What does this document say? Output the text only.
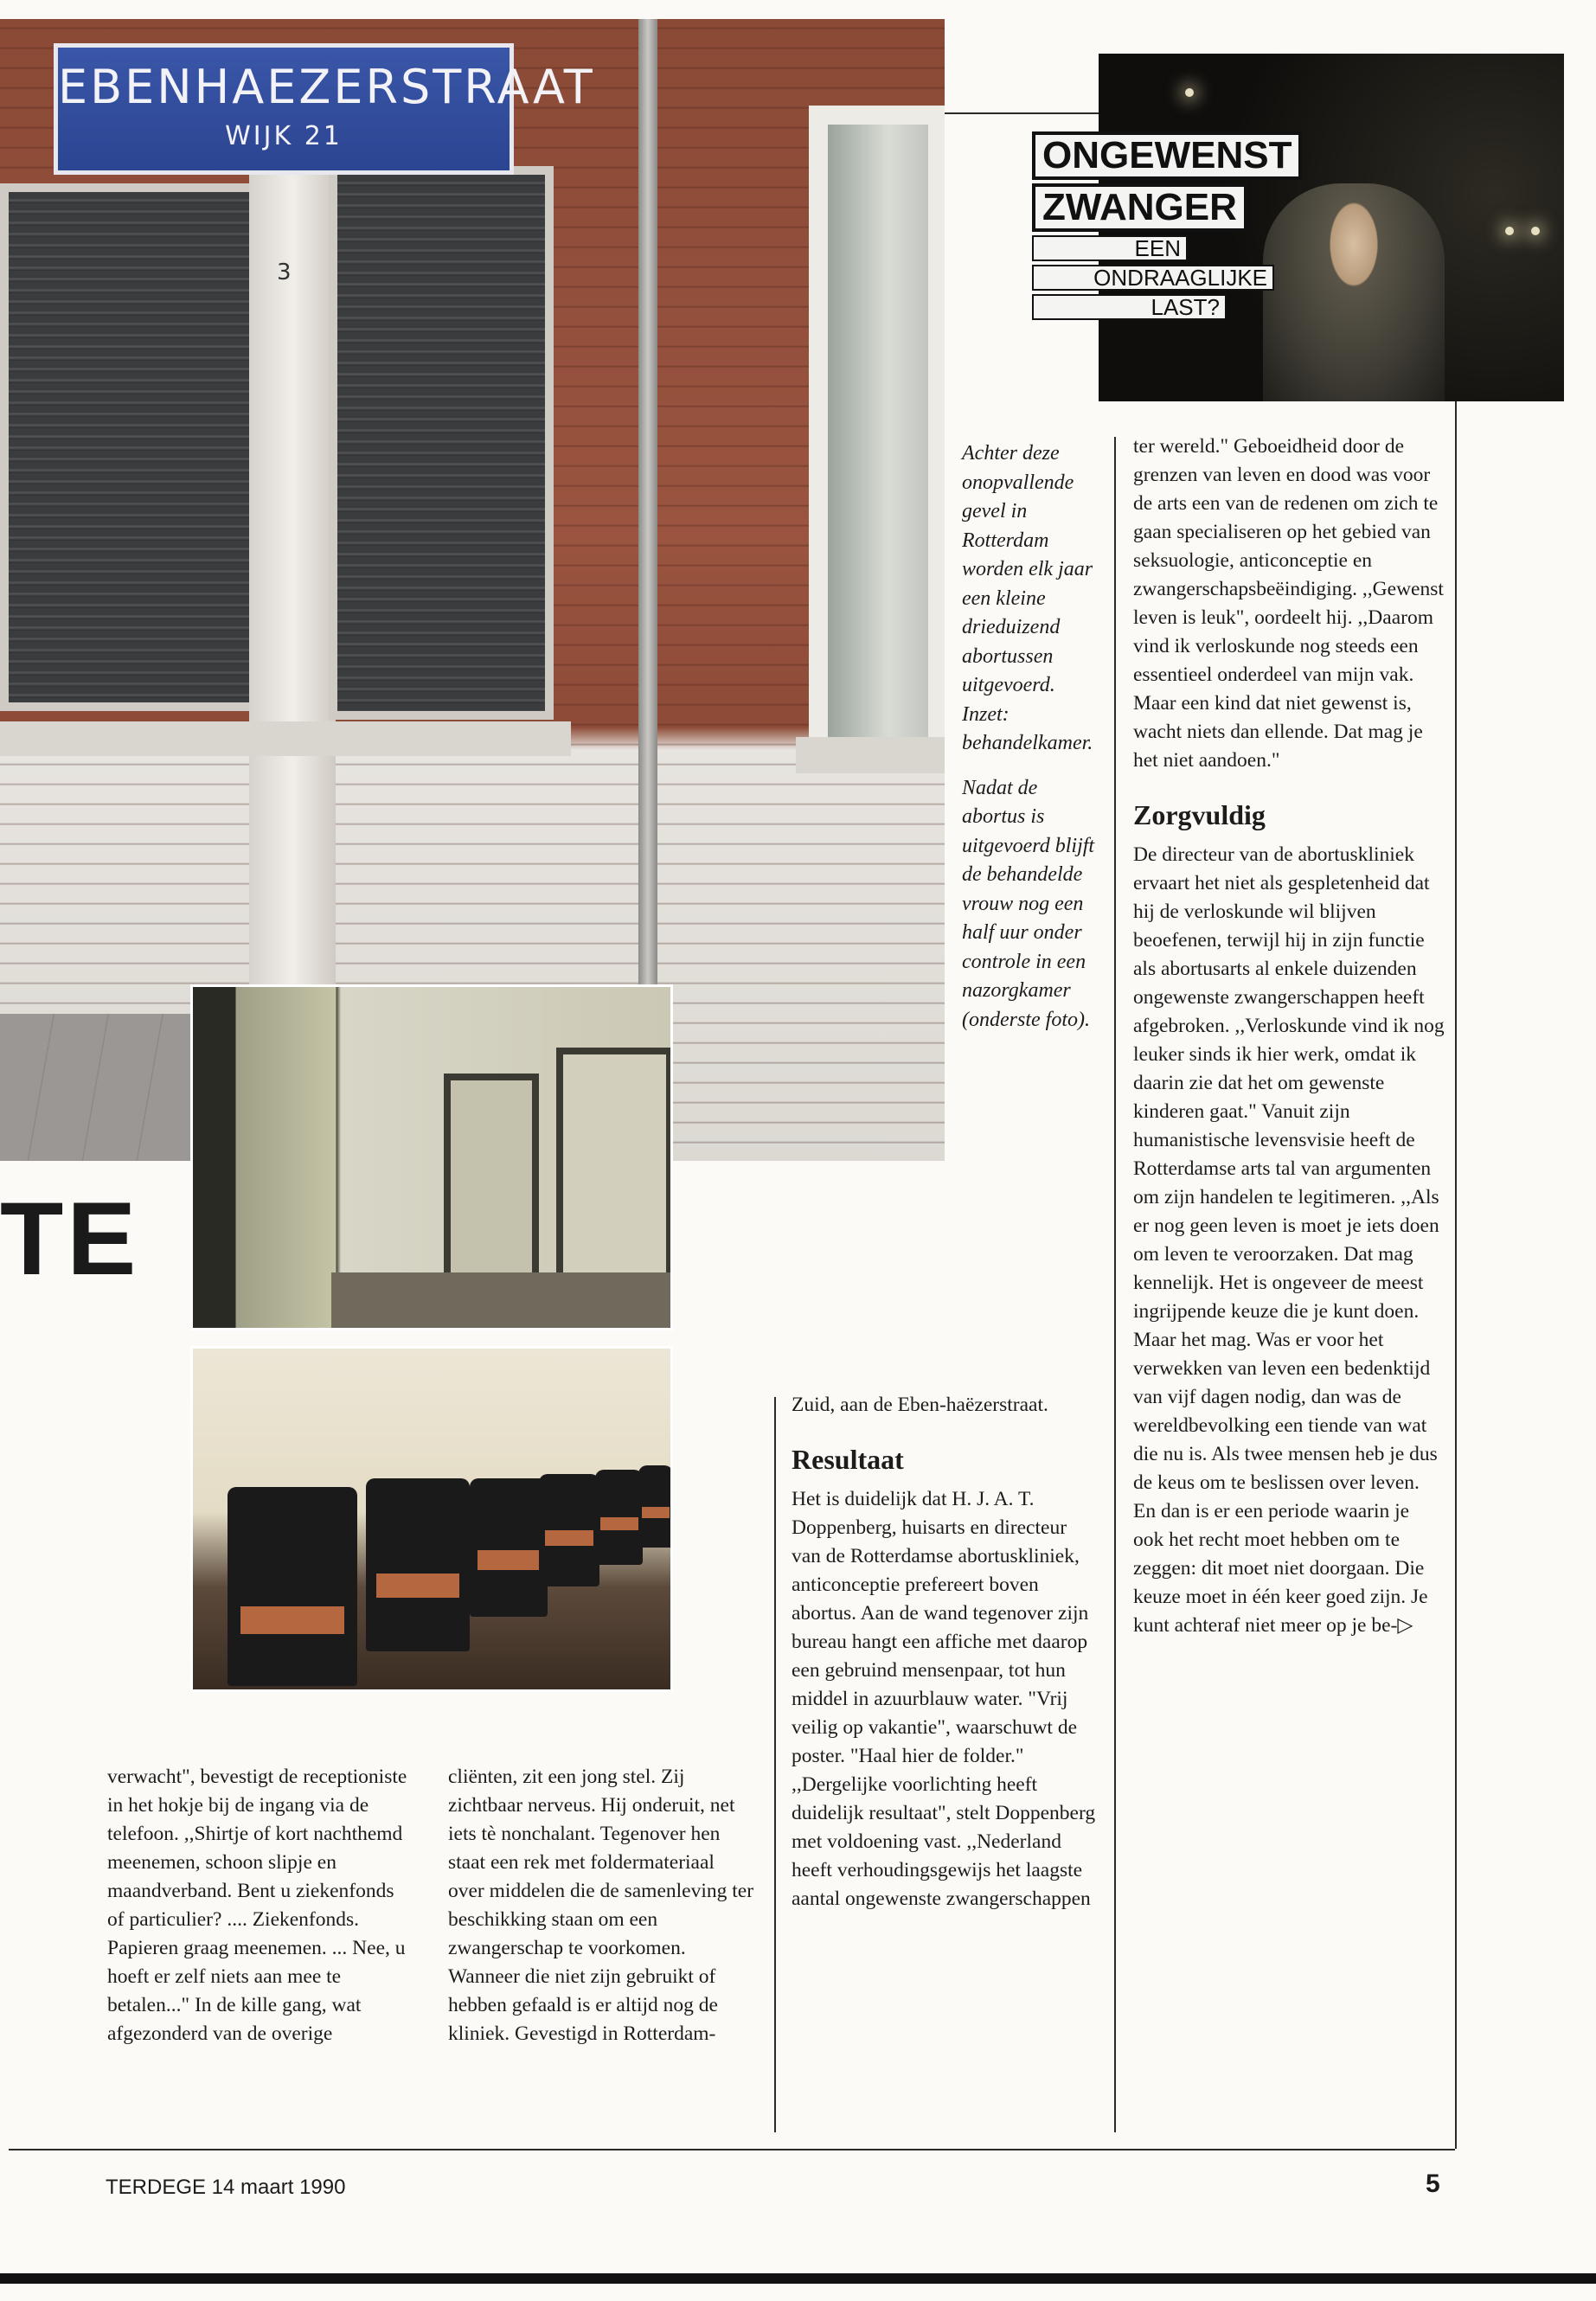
3
EBENHAEZERSTRAAT
WIJK 21	ONGEWENST
ZWANGER
EEN
ONDRAAGLIJKE
LAST?
TE

Achter deze onopvallende gevel in Rotterdam worden elk jaar een kleine drieduizend abortussen uitgevoerd. Inzet: behandelkamer.

Nadat de abortus is uitgevoerd blijft de behandelde vrouw nog een half uur onder controle in een nazorgkamer (onderste foto).

verwacht", bevestigt de receptioniste in het hokje bij de ingang via de telefoon. ,,Shirtje of kort nachthemd meenemen, schoon slipje en maandverband. Bent u ziekenfonds of particulier? .... Ziekenfonds. Papieren graag meenemen. ... Nee, u hoeft er zelf niets aan mee te betalen..." In de kille gang, wat afgezonderd van de overige

cliënten, zit een jong stel. Zij zichtbaar nerveus. Hij onderuit, net iets tè nonchalant. Tegenover hen staat een rek met foldermateriaal over middelen die de samenleving ter beschikking staan om een zwangerschap te voorkomen. Wanneer die niet zijn gebruikt of hebben gefaald is er altijd nog de kliniek. Gevestigd in Rotterdam-

Zuid, aan de Eben-haëzerstraat.

Resultaat

Het is duidelijk dat H. J. A. T. Doppenberg, huisarts en directeur van de Rotterdamse abortuskliniek, anticonceptie prefereert boven abortus. Aan de wand tegenover zijn bureau hangt een affiche met daarop een gebruind mensenpaar, tot hun middel in azuurblauw water. "Vrij veilig op vakantie", waarschuwt de poster. "Haal hier de folder." ,,Dergelijke voorlichting heeft duidelijk resultaat", stelt Doppenberg met voldoening vast. ,,Nederland heeft verhoudingsgewijs het laagste aantal ongewenste zwangerschappen

ter wereld." Geboeidheid door de grenzen van leven en dood was voor de arts een van de redenen om zich te gaan specialiseren op het gebied van seksuologie, anticonceptie en zwangerschapsbeëindiging. ,,Gewenst leven is leuk", oordeelt hij. ,,Daarom vind ik verloskunde nog steeds een essentieel onderdeel van mijn vak. Maar een kind dat niet gewenst is, wacht niets dan ellende. Dat mag je het niet aandoen."

Zorgvuldig

De directeur van de abortuskliniek ervaart het niet als gespletenheid dat hij de verloskunde wil blijven beoefenen, terwijl hij in zijn functie als abortusarts al enkele duizenden ongewenste zwangerschappen heeft afgebroken. ,,Verloskunde vind ik nog leuker sinds ik hier werk, omdat ik daarin zie dat het om gewenste kinderen gaat." Vanuit zijn humanistische levensvisie heeft de Rotterdamse arts tal van argumenten om zijn handelen te legitimeren. ,,Als er nog geen leven is moet je iets doen om leven te veroorzaken. Dat mag kennelijk. Het is ongeveer de meest ingrijpende keuze die je kunt doen. Maar het mag. Was er voor het verwekken van leven een bedenktijd van vijf dagen nodig, dan was de wereldbevolking een tiende van wat die nu is. Als twee mensen heb je dus de keus om te beslissen over leven. En dan is er een periode waarin je ook het recht moet hebben om te zeggen: dit moet niet doorgaan. Die keuze moet in één keer goed zijn. Je kunt achteraf niet meer op je be-▷

TERDEGE 14 maart 1990	5
